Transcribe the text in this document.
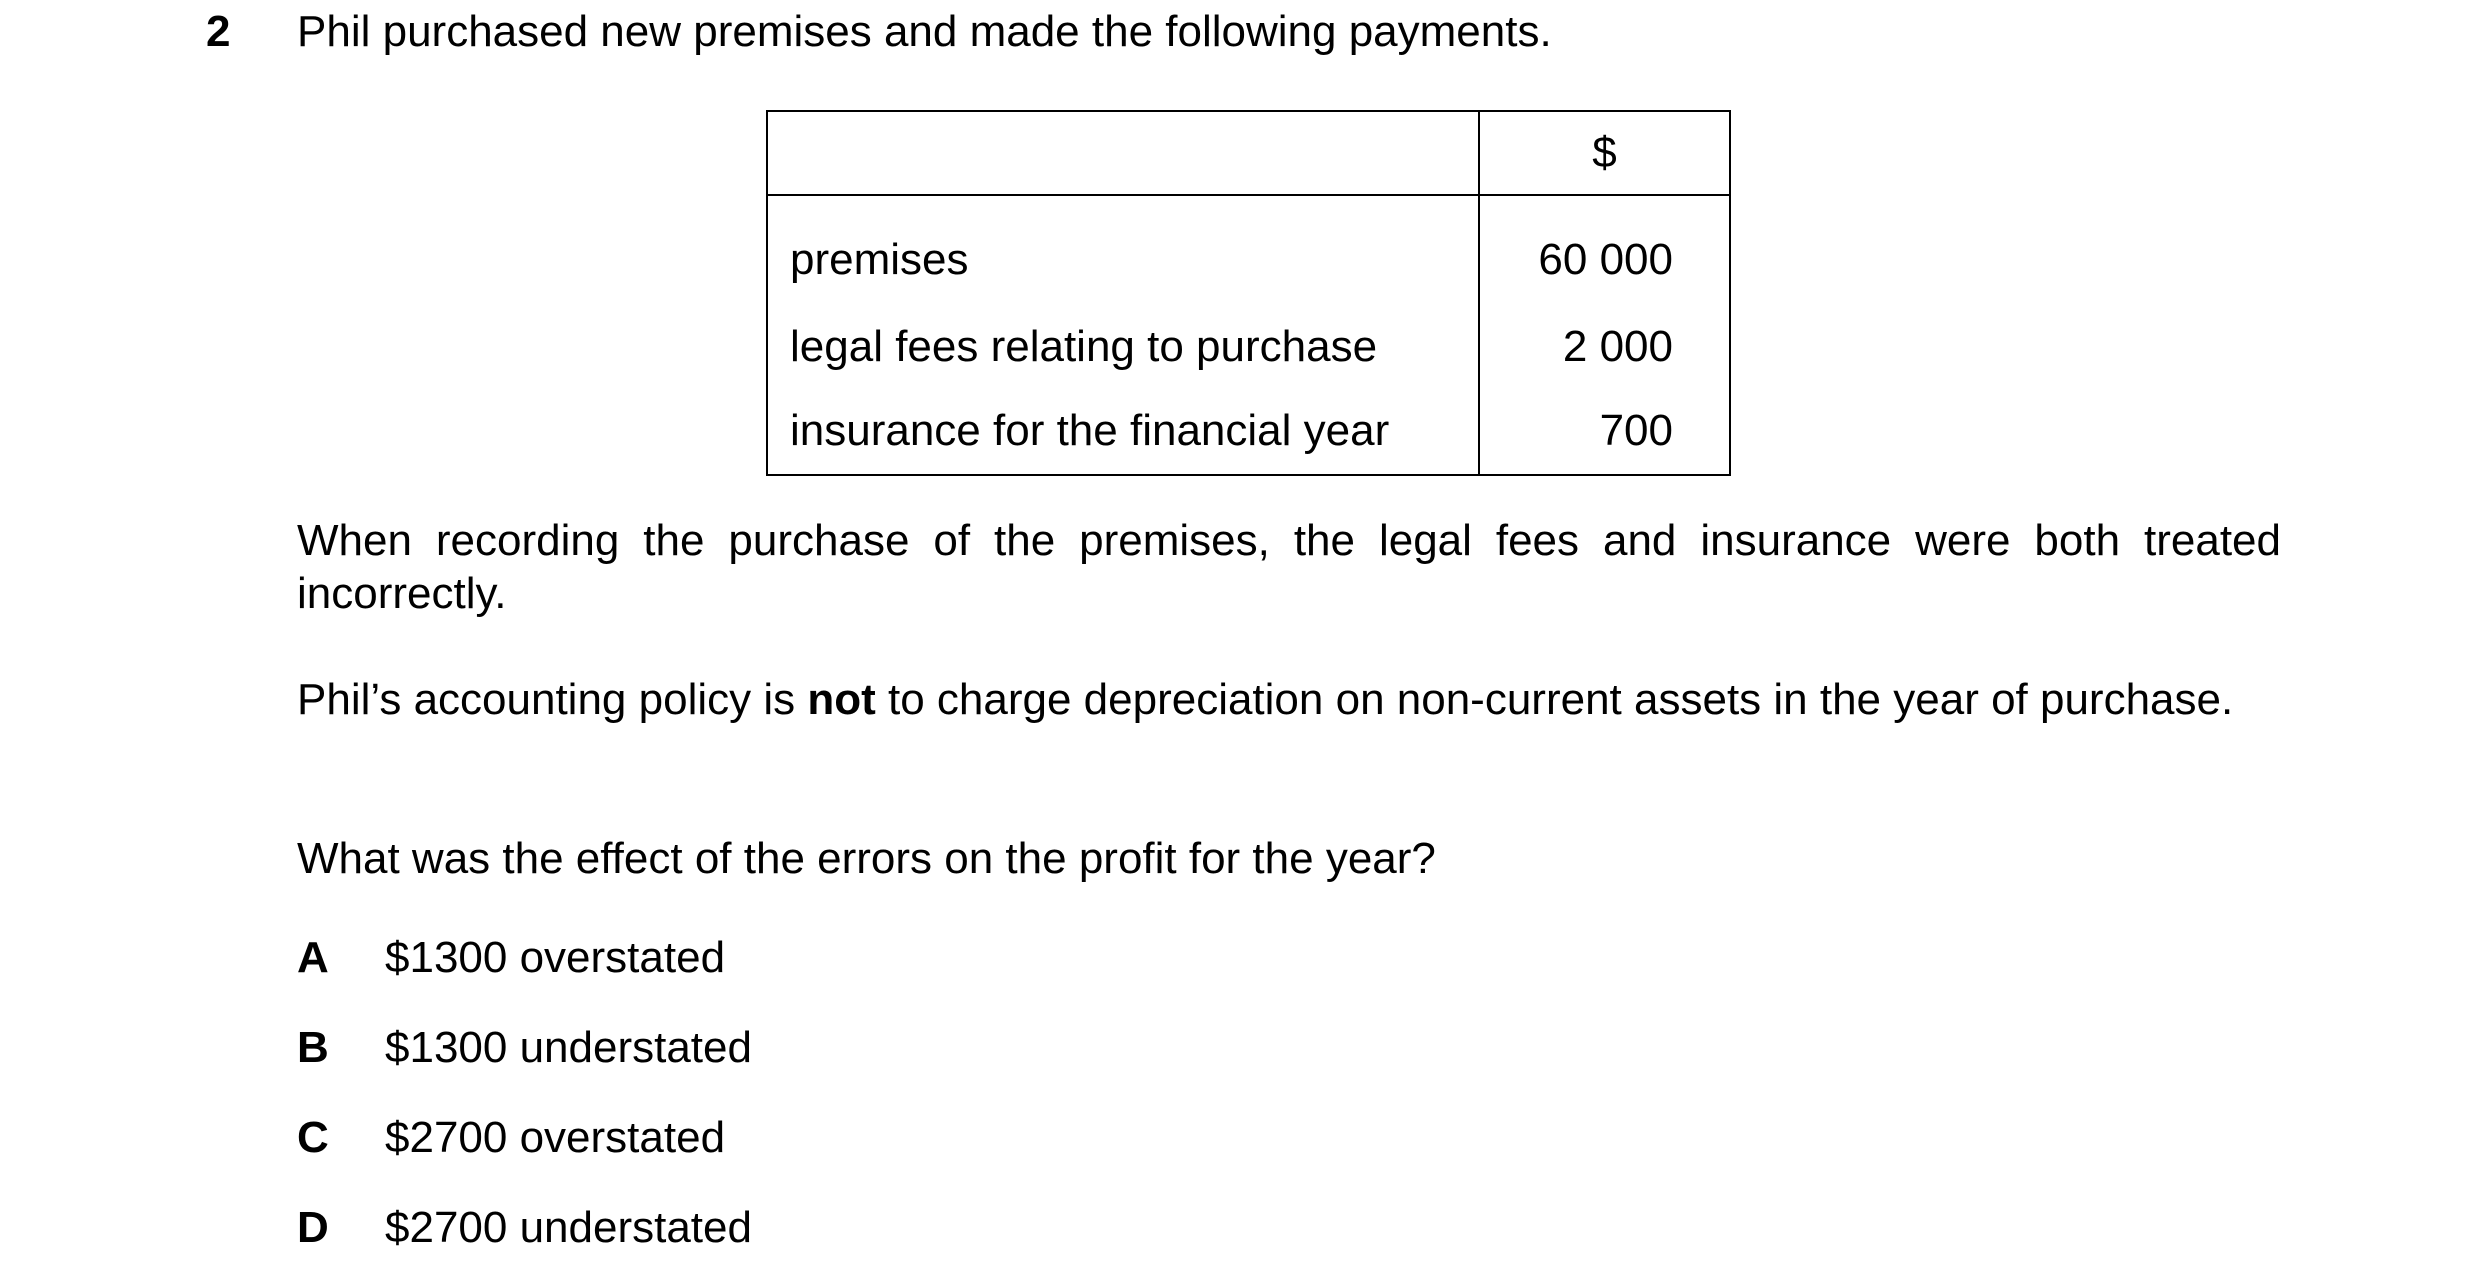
2 Phil purchased new premises and made the following payments.
	$
premises	60 000
legal fees relating to purchase	2 000
insurance for the financial year	700
When recording the purchase of the premises, the legal fees and insurance were both treated incorrectly.
Phil’s accounting policy is not to charge depreciation on non-current assets in the year of purchase.
What was the effect of the errors on the profit for the year?
A $1300 overstated
B $1300 understated
C $2700 overstated
D $2700 understated
